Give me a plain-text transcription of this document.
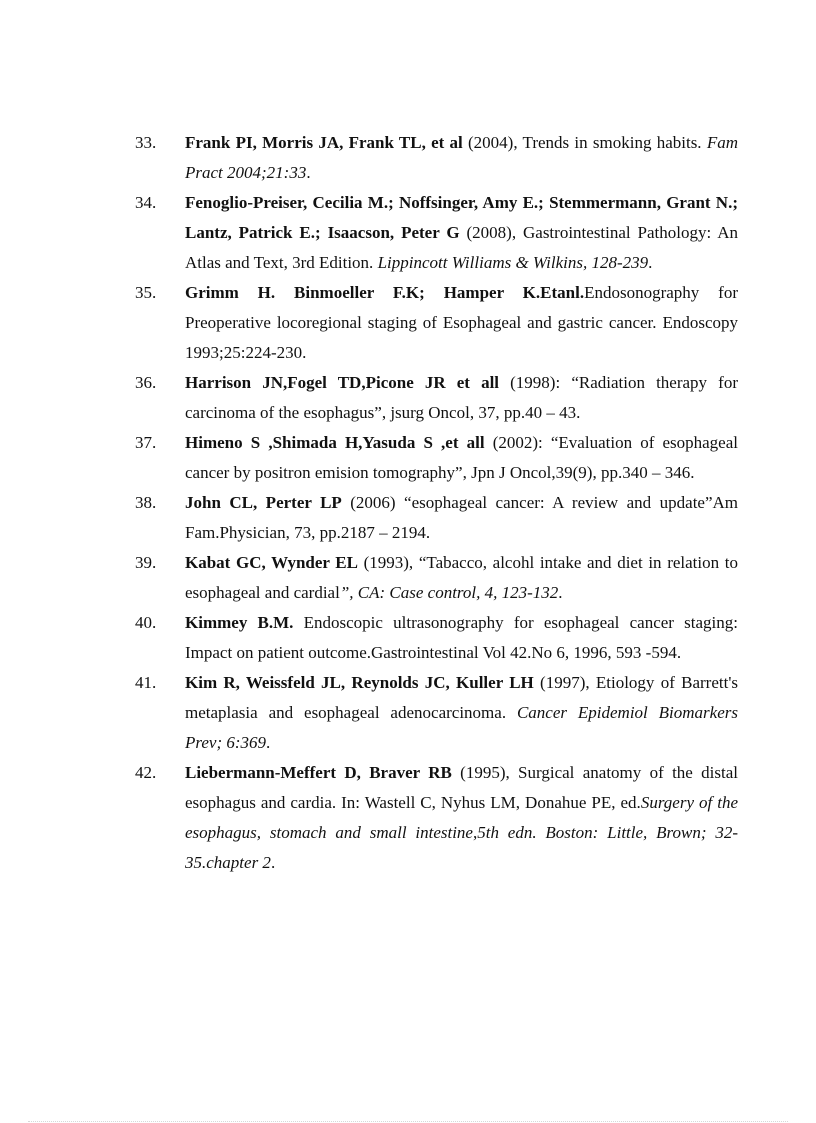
33.	Frank PI, Morris JA, Frank TL, et al (2004), Trends in smoking habits. Fam Pract 2004;21:33.
34.	Fenoglio-Preiser, Cecilia M.; Noffsinger, Amy E.; Stemmermann, Grant N.; Lantz, Patrick E.; Isaacson, Peter G (2008), Gastrointestinal Pathology: An Atlas and Text, 3rd Edition. Lippincott Williams & Wilkins, 128-239.
35.	Grimm H. Binmoeller F.K; Hamper K.Etanl.Endosonography for Preoperative locoregional staging of Esophageal and gastric cancer. Endoscopy 1993;25:224-230.
36.	Harrison JN,Fogel TD,Picone JR et all (1998): “Radiation therapy for carcinoma of the esophagus”, jsurg Oncol, 37, pp.40 – 43.
37.	Himeno S ,Shimada H,Yasuda S ,et all (2002): “Evaluation of esophageal cancer by positron emision tomography”, Jpn J Oncol,39(9), pp.340 – 346.
38.	John CL, Perter LP (2006) “esophageal cancer: A review and update”Am Fam.Physician, 73, pp.2187 – 2194.
39.	Kabat GC, Wynder EL (1993), “Tabacco, alcohl intake and diet in relation to esophageal and cardial”, CA: Case control, 4, 123-132.
40.	Kimmey B.M. Endoscopic ultrasonography for esophageal cancer staging: Impact on patient outcome.Gastrointestinal Vol 42.No 6, 1996, 593 -594.
41.	Kim R, Weissfeld JL, Reynolds JC, Kuller LH (1997), Etiology of Barrett's metaplasia and esophageal adenocarcinoma. Cancer Epidemiol Biomarkers Prev; 6:369.
42.	Liebermann-Meffert D, Braver RB (1995), Surgical anatomy of the distal esophagus and cardia. In: Wastell C, Nyhus LM, Donahue PE, ed.Surgery of the esophagus, stomach and small intestine,5th edn. Boston: Little, Brown; 32-35.chapter 2.
